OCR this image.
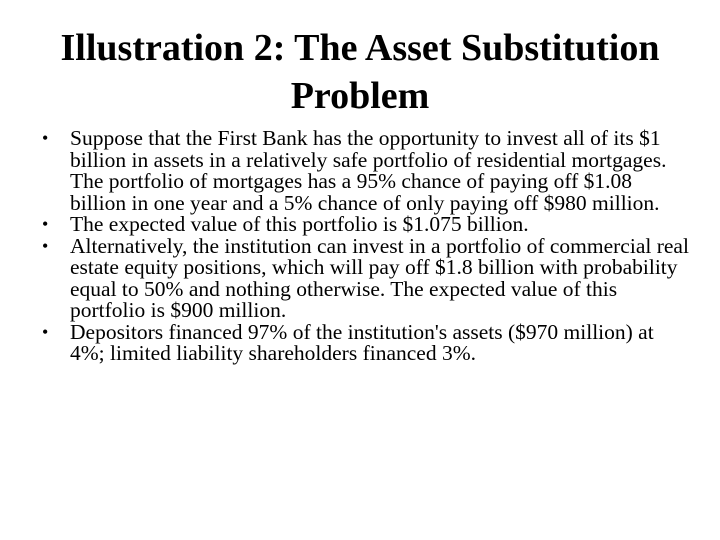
Illustration 2: The Asset Substitution
Problem
•	Suppose that the First Bank has the opportunity to invest all of its $1 billion in assets in a relatively safe portfolio of residential mortgages. The portfolio of mortgages has a 95% chance of paying off $1.08 billion in one year and a 5% chance of only paying off $980 million.
•	The expected value of this portfolio is $1.075 billion.
•	Alternatively, the institution can invest in a portfolio of commercial real estate equity positions, which will pay off $1.8 billion with probability equal to 50% and nothing otherwise. The expected value of this portfolio is $900 million.
•	Depositors financed 97% of the institution's assets ($970 million) at 4%; limited liability shareholders financed 3%.
